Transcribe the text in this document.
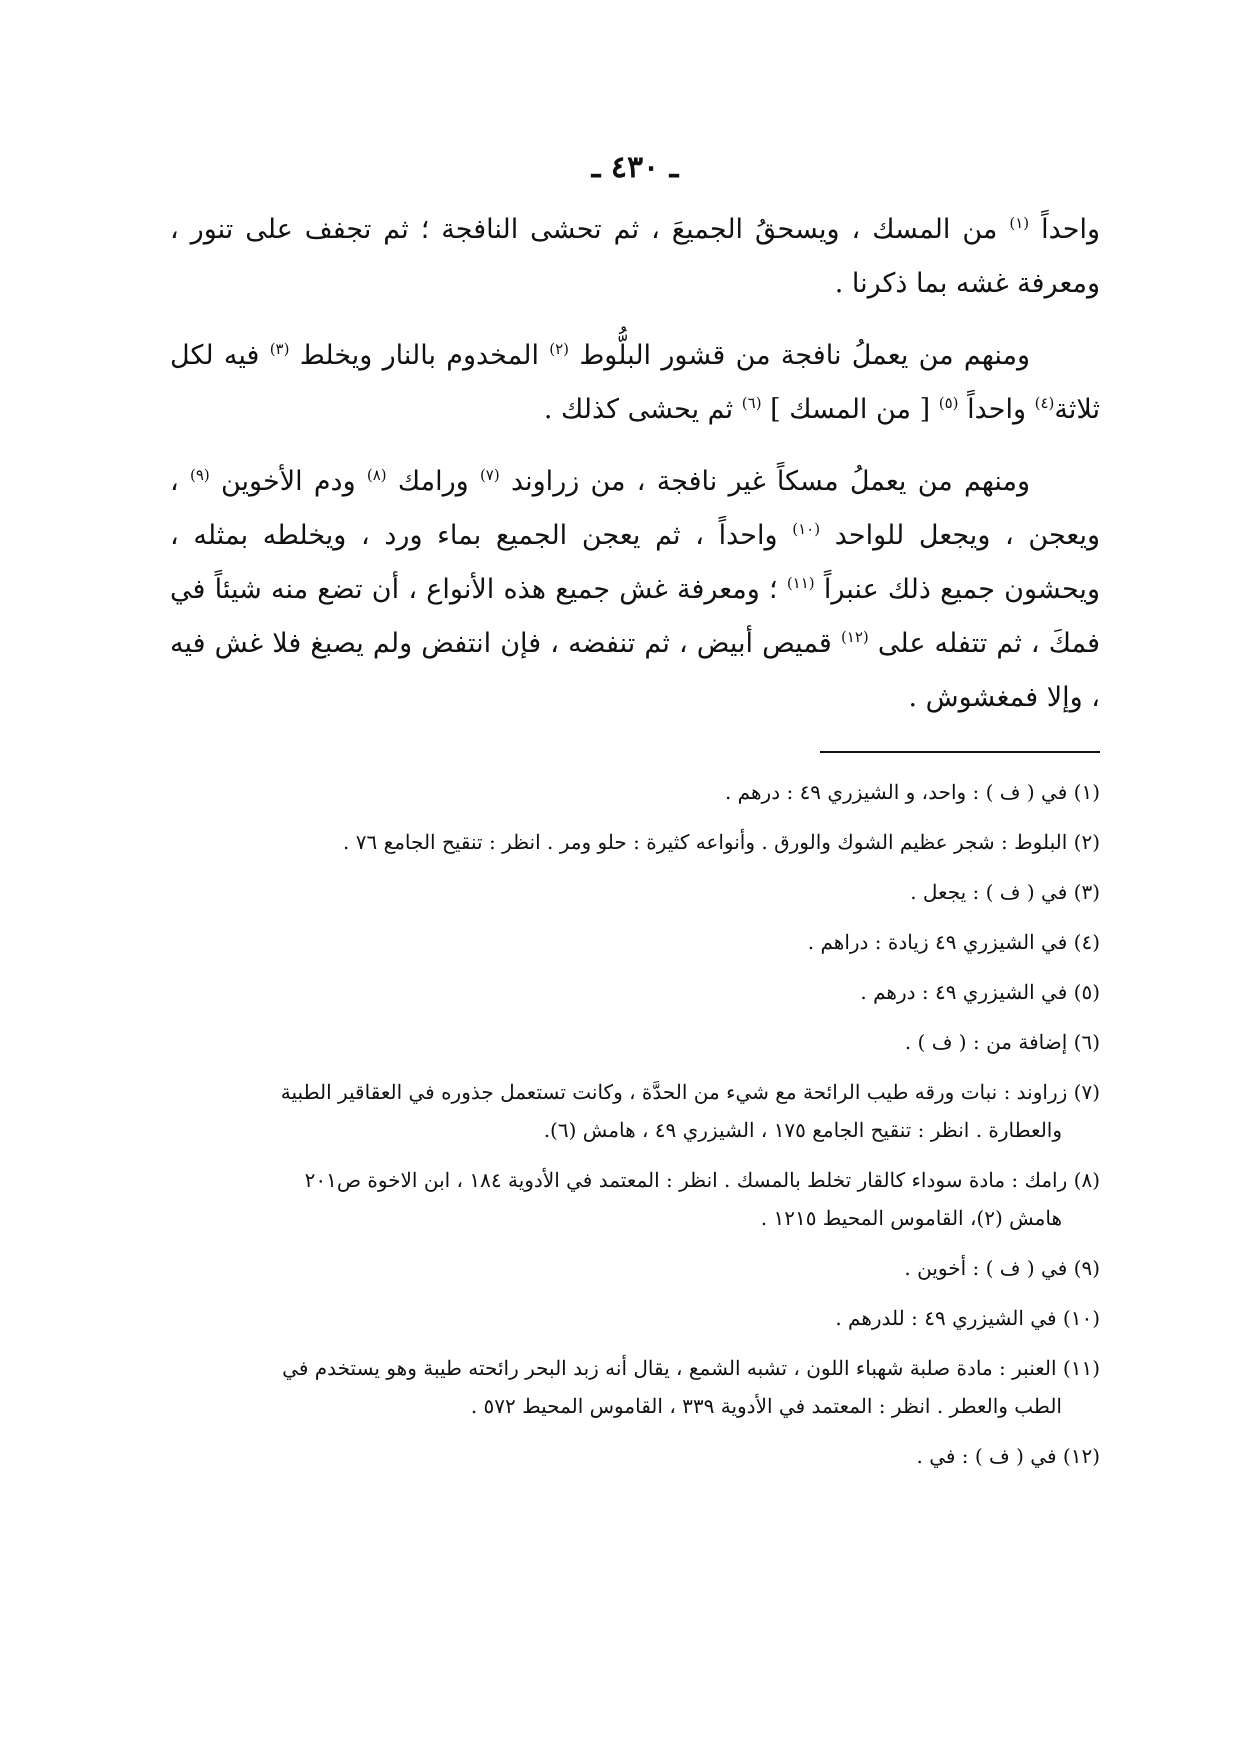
ـ ٤٣٠ ـ

واحداً $^{(١)}$ من المسك ، ويسحقُ الجميعَ ، ثم تحشى النافجة ؛ ثم تجفف على تنور ، ومعرفة غشه بما ذكرنا .

ومنهم من يعملُ نافجة من قشور البلُّوط $^{(٢)}$ المخدوم بالنار ويخلط $^{(٣)}$ فيه لكل ثلاثة$^{(٤)}$ واحداً $^{(٥)}$ [ من المسك ] $^{(٦)}$ ثم يحشى كذلك .

ومنهم من يعملُ مسكاً غير نافجة ، من زراوند $^{(٧)}$ ورامك $^{(٨)}$ ودم الأخوين $^{(٩)}$ ، ويعجن ، ويجعل للواحد $^{(١٠)}$ واحداً ، ثم يعجن الجميع بماء ورد ، ويخلطه بمثله ، ويحشون جميع ذلك عنبراً $^{(١١)}$ ؛ ومعرفة غش جميع هذه الأنواع ، أن تضع منه شيئاً في فمكَ ، ثم تتفله على $^{(١٢)}$ قميص أبيض ، ثم تنفضه ، فإن انتفض ولم يصبغ فلا غش فيه ، وإلا فمغشوش .

(١) في ( ف ) : واحد، و الشيزري ٤٩ : درهم .
(٢) البلوط : شجر عظيم الشوك والورق . وأنواعه كثيرة : حلو ومر . انظر : تنقيح الجامع ٧٦ .
(٣) في ( ف ) : يجعل .
(٤) في الشيزري ٤٩ زيادة : دراهم .
(٥) في الشيزري ٤٩ : درهم .
(٦) إضافة من : ( ف ) .
(٧) زراوند : نبات ورقه طيب الرائحة مع شيء من الحدَّة ، وكانت تستعمل جذوره في العقاقير الطبية
والعطارة . انظر : تنقيح الجامع ١٧٥ ، الشيزري ٤٩ ، هامش (٦).
(٨) رامك : مادة سوداء كالقار تخلط بالمسك . انظر : المعتمد في الأدوية ١٨٤ ، ابن الاخوة ص٢٠١
هامش (٢)، القاموس المحيط ١٢١٥ .
(٩) في ( ف ) : أخوين .
(١٠) في الشيزري ٤٩ : للدرهم .
(١١) العنبر : مادة صلبة شهباء اللون ، تشبه الشمع ، يقال أنه زبد البحر رائحته طيبة وهو يستخدم في
الطب والعطر . انظر : المعتمد في الأدوية ٣٣٩ ، القاموس المحيط ٥٧٢ .
(١٢) في ( ف ) : في .
